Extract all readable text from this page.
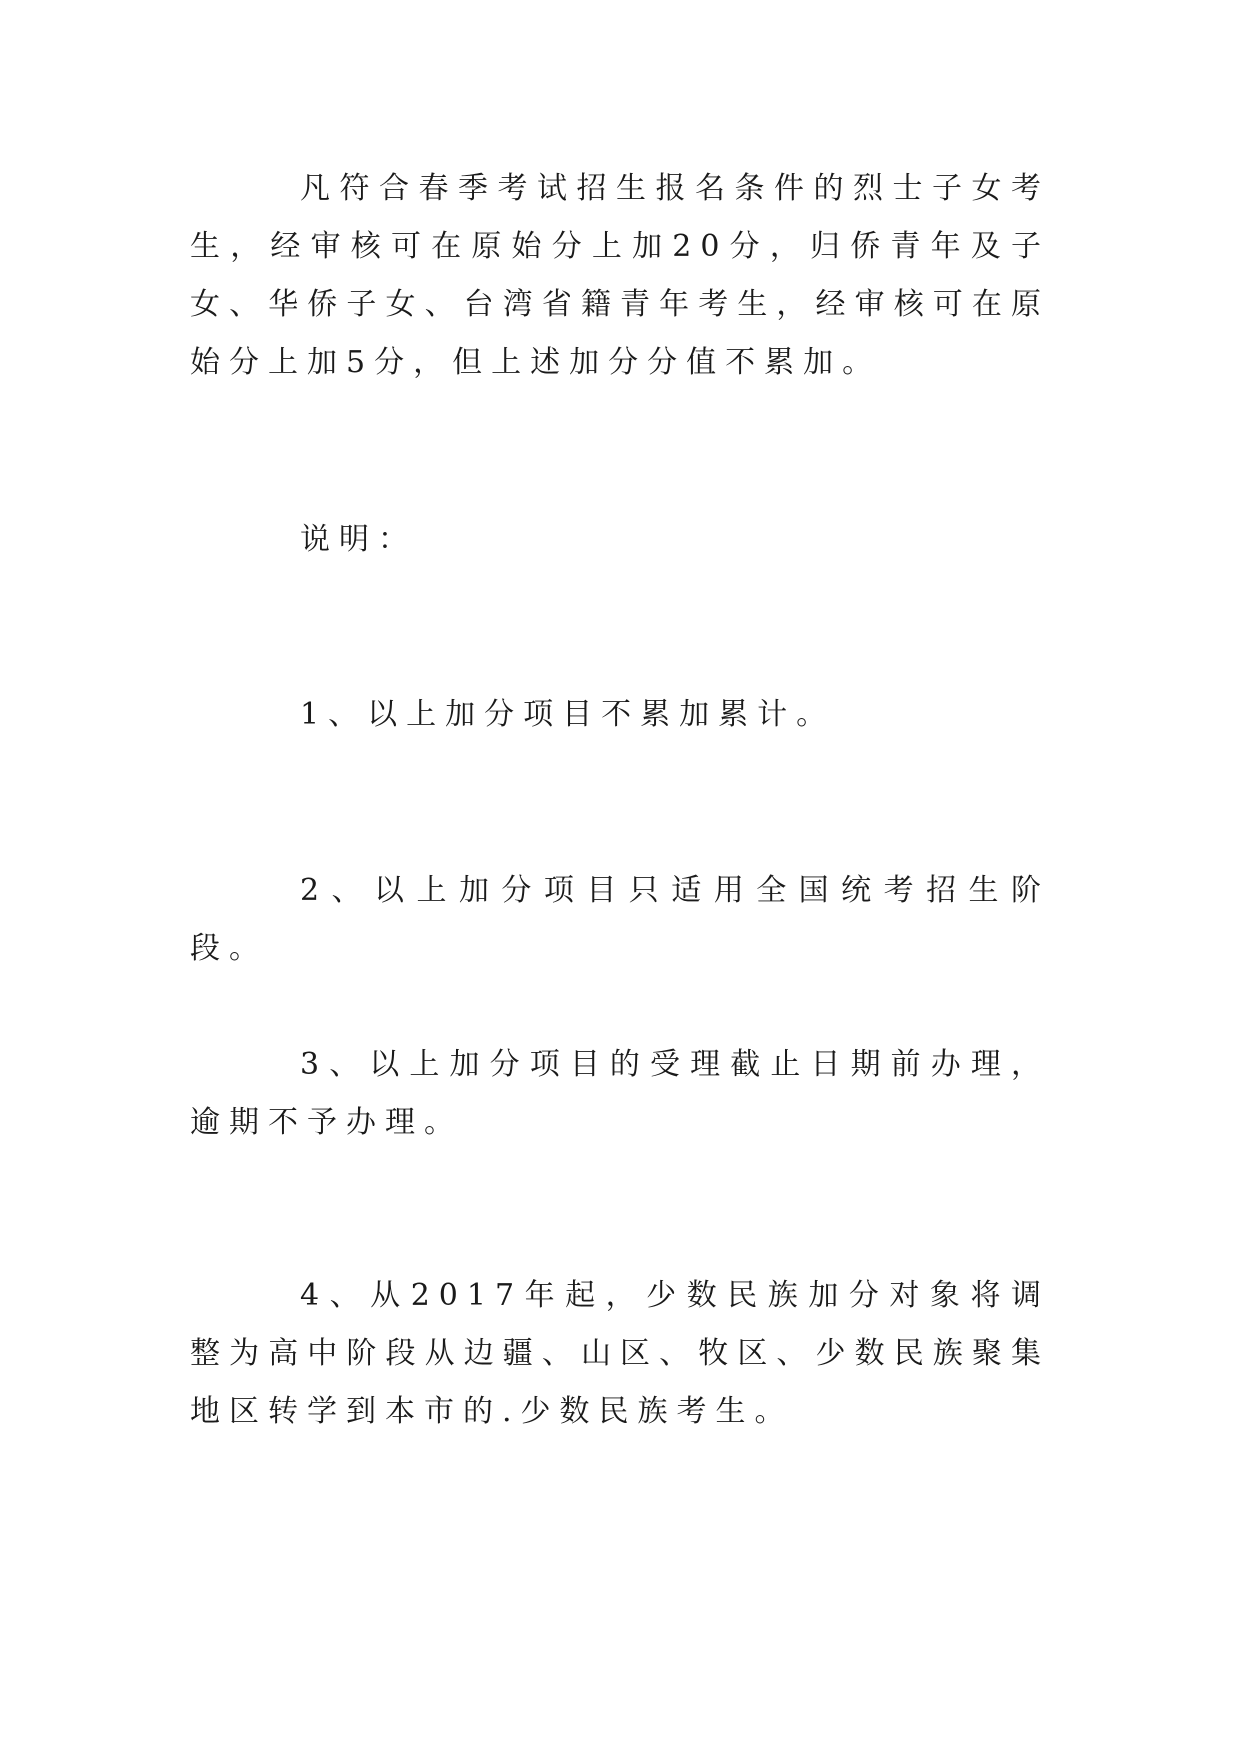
凡符合春季考试招生报名条件的烈士子女考生，经审核可在原始分上加20分，归侨青年及子女、华侨子女、台湾省籍青年考生，经审核可在原始分上加5分，但上述加分分值不累加。

说明：

1、以上加分项目不累加累计。

2、以上加分项目只适用全国统考招生阶段。

3、以上加分项目的受理截止日期前办理，逾期不予办理。

4、从2017年起，少数民族加分对象将调整为高中阶段从边疆、山区、牧区、少数民族聚集地区转学到本市的.少数民族考生。
